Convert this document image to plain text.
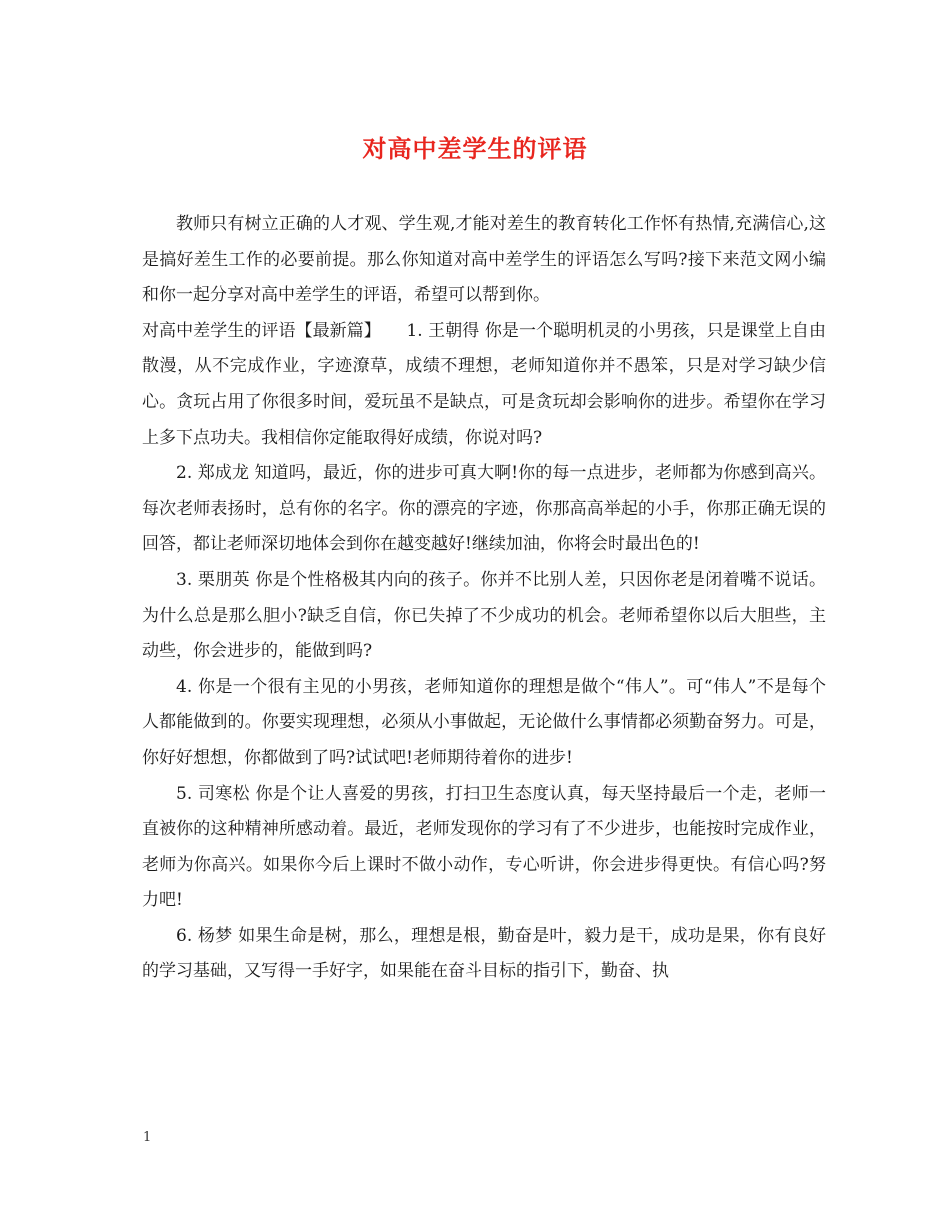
对高中差学生的评语

教师只有树立正确的人才观、学生观,才能对差生的教育转化工作怀有热情,充满信心,这是搞好差生工作的必要前提。那么你知道对高中差学生的评语怎么写吗?接下来范文网小编和你一起分享对高中差学生的评语，希望可以帮到你。

对高中差学生的评语【最新篇】　　1. 王朝得 你是一个聪明机灵的小男孩，只是课堂上自由散漫，从不完成作业，字迹潦草，成绩不理想，老师知道你并不愚笨，只是对学习缺少信心。贪玩占用了你很多时间，爱玩虽不是缺点，可是贪玩却会影响你的进步。希望你在学习上多下点功夫。我相信你定能取得好成绩，你说对吗?

2. 郑成龙 知道吗，最近，你的进步可真大啊!你的每一点进步，老师都为你感到高兴。每次老师表扬时，总有你的名字。你的漂亮的字迹，你那高高举起的小手，你那正确无误的回答，都让老师深切地体会到你在越变越好!继续加油，你将会时最出色的!

3. 栗朋英 你是个性格极其内向的孩子。你并不比别人差，只因你老是闭着嘴不说话。为什么总是那么胆小?缺乏自信，你已失掉了不少成功的机会。老师希望你以后大胆些，主动些，你会进步的，能做到吗?

4. 你是一个很有主见的小男孩，老师知道你的理想是做个“伟人”。可“伟人”不是每个人都能做到的。你要实现理想，必须从小事做起，无论做什么事情都必须勤奋努力。可是，你好好想想，你都做到了吗?试试吧!老师期待着你的进步!

5. 司寒松 你是个让人喜爱的男孩，打扫卫生态度认真，每天坚持最后一个走，老师一直被你的这种精神所感动着。最近，老师发现你的学习有了不少进步，也能按时完成作业，老师为你高兴。如果你今后上课时不做小动作，专心听讲，你会进步得更快。有信心吗?努力吧!

6. 杨梦 如果生命是树，那么，理想是根，勤奋是叶，毅力是干，成功是果，你有良好的学习基础，又写得一手好字，如果能在奋斗目标的指引下，勤奋、执

1
